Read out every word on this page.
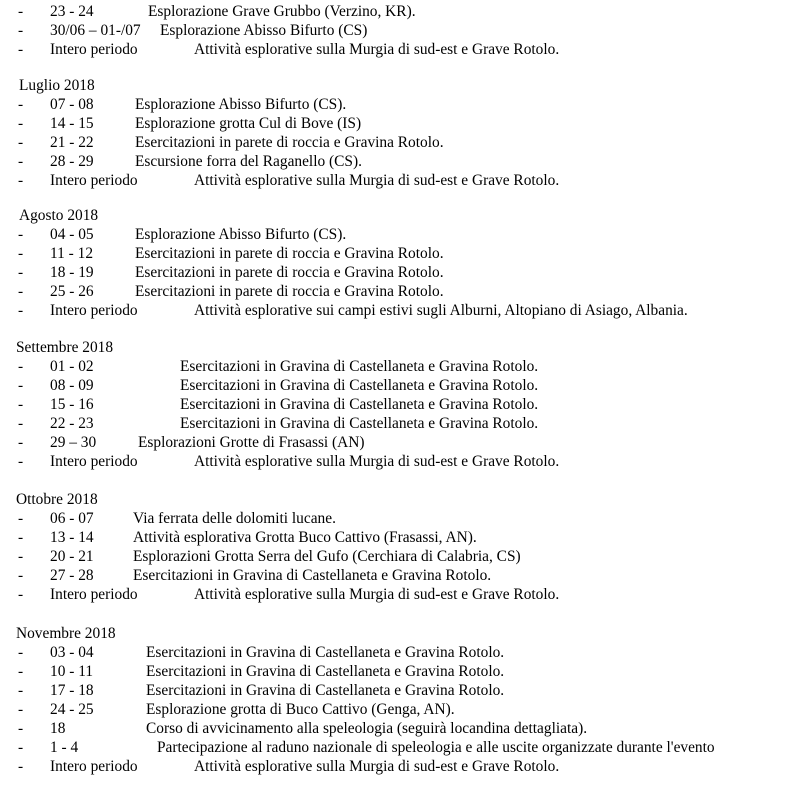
- 23 - 24	Esplorazione Grave Grubbo (Verzino, KR).
- 30/06 – 01-/07 Esplorazione Abisso Bifurto (CS)
- Intero periodo	Attività esplorative sulla Murgia di sud-est e Grave Rotolo.
Luglio 2018
- 07 - 08	Esplorazione Abisso Bifurto (CS).
- 14 - 15	Esplorazione grotta Cul di Bove (IS)
- 21 - 22	Esercitazioni in parete di roccia e Gravina Rotolo.
- 28 - 29	Escursione forra del Raganello (CS).
- Intero periodo	Attività esplorative sulla Murgia di sud-est e Grave Rotolo.
Agosto 2018
- 04 - 05	Esplorazione Abisso Bifurto (CS).
- 11 - 12	Esercitazioni in parete di roccia e Gravina Rotolo.
- 18 - 19	Esercitazioni in parete di roccia e Gravina Rotolo.
- 25 - 26	Esercitazioni in parete di roccia e Gravina Rotolo.
- Intero periodo	Attività esplorative sui campi estivi sugli Alburni, Altopiano di Asiago, Albania.
Settembre 2018
- 01 - 02	Esercitazioni in Gravina di Castellaneta e Gravina Rotolo.
- 08 - 09	Esercitazioni in Gravina di Castellaneta e Gravina Rotolo.
- 15 - 16	Esercitazioni in Gravina di Castellaneta e Gravina Rotolo.
- 22 - 23	Esercitazioni in Gravina di Castellaneta e Gravina Rotolo.
- 29 – 30	Esplorazioni Grotte di Frasassi (AN)
- Intero periodo	Attività esplorative sulla Murgia di sud-est e Grave Rotolo.
Ottobre 2018
- 06 - 07	Via ferrata delle dolomiti lucane.
- 13 - 14	Attività esplorativa Grotta Buco Cattivo (Frasassi, AN).
- 20 - 21	Esplorazioni Grotta Serra del Gufo (Cerchiara di Calabria, CS)
- 27 - 28	Esercitazioni in Gravina di Castellaneta e Gravina Rotolo.
- Intero periodo	Attività esplorative sulla Murgia di sud-est e Grave Rotolo.
Novembre 2018
- 03 - 04	Esercitazioni in Gravina di Castellaneta e Gravina Rotolo.
- 10 - 11	Esercitazioni in Gravina di Castellaneta e Gravina Rotolo.
- 17 - 18	Esercitazioni in Gravina di Castellaneta e Gravina Rotolo.
- 24 - 25	Esplorazione grotta di Buco Cattivo (Genga, AN).
- 18	Corso di avvicinamento alla speleologia (seguirà locandina dettagliata).
- 1 - 4	Partecipazione al raduno nazionale di speleologia e alle uscite organizzate durante l'evento
- Intero periodo	Attività esplorative sulla Murgia di sud-est e Grave Rotolo.
